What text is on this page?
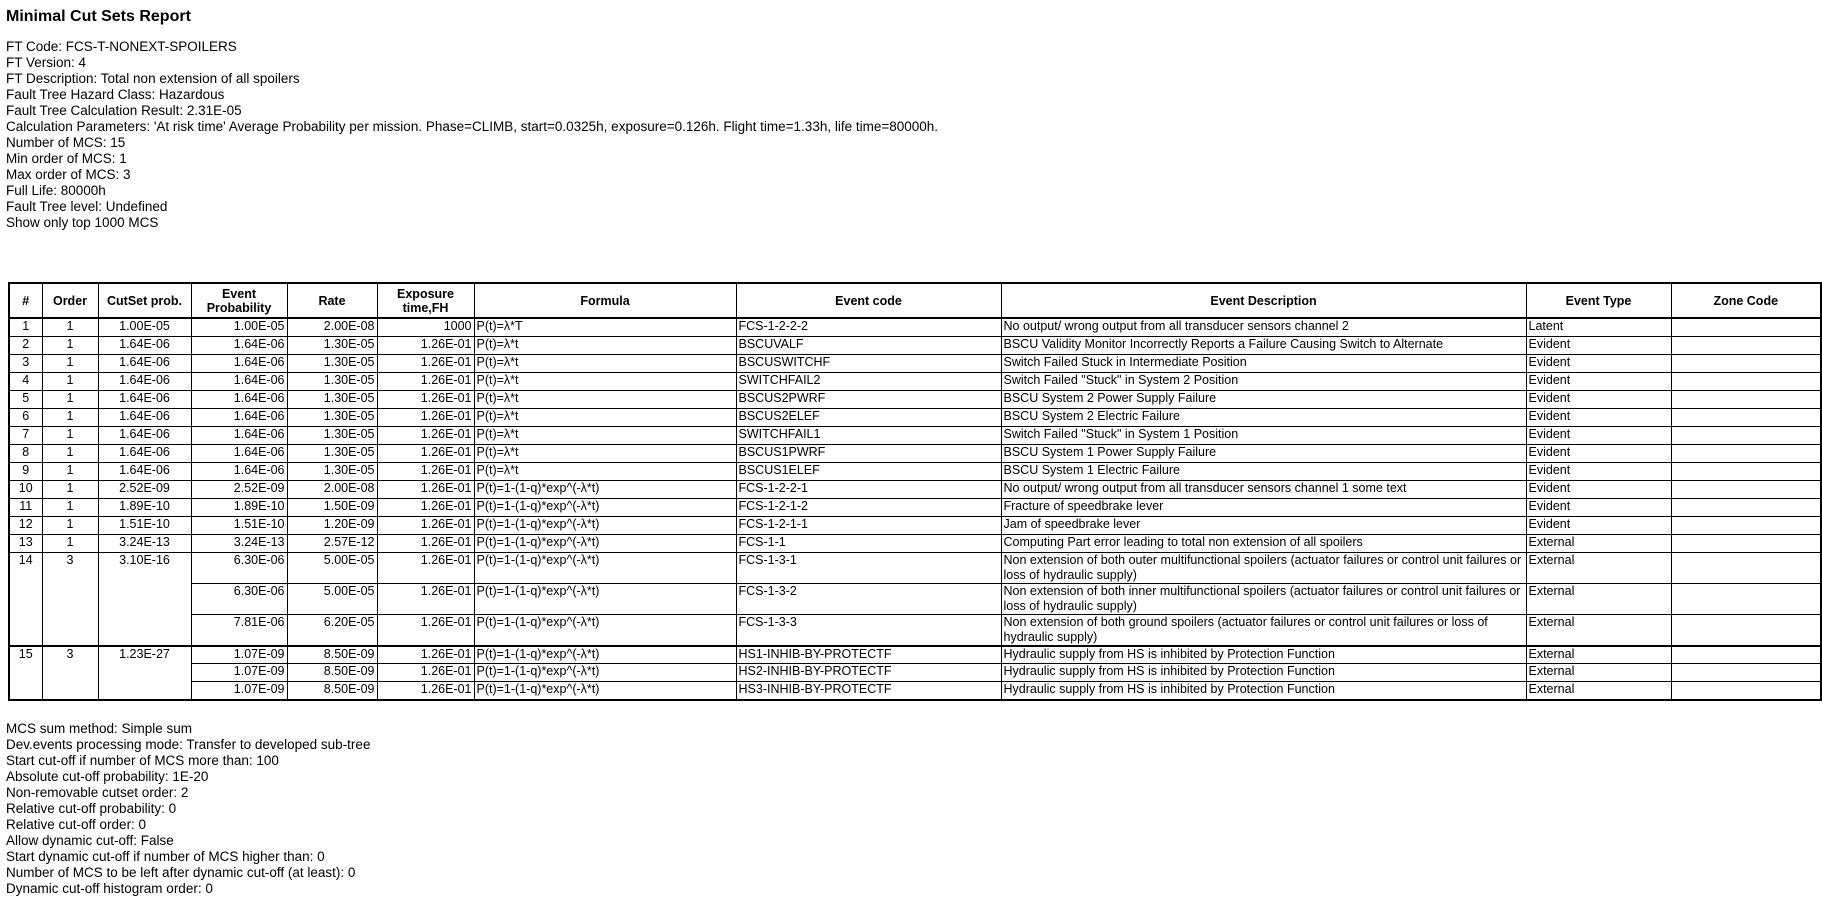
Minimal Cut Sets Report
FT Code: FCS-T-NONEXT-SPOILERS
FT Version: 4
FT Description: Total non extension of all spoilers
Fault Tree Hazard Class: Hazardous
Fault Tree Calculation Result: 2.31E-05
Calculation Parameters: 'At risk time' Average Probability per mission. Phase=CLIMB, start=0.0325h, exposure=0.126h. Flight time=1.33h, life time=80000h.
Number of MCS: 15
Min order of MCS: 1
Max order of MCS: 3
Full Life: 80000h
Fault Tree level: Undefined
Show only top 1000 MCS
#	Order	CutSet prob.	Event Probability	Rate	Exposure time,FH	Formula	Event code	Event Description	Event Type	Zone Code
1	1	1.00E-05	1.00E-05	2.00E-08	1000	P(t)=λ*T	FCS-1-2-2-2	No output/ wrong output from all transducer sensors channel 2	Latent	
2	1	1.64E-06	1.64E-06	1.30E-05	1.26E-01	P(t)=λ*t	BSCUVALF	BSCU Validity Monitor Incorrectly Reports a Failure Causing Switch to Alternate	Evident	
3	1	1.64E-06	1.64E-06	1.30E-05	1.26E-01	P(t)=λ*t	BSCUSWITCHF	Switch Failed Stuck in Intermediate Position	Evident	
4	1	1.64E-06	1.64E-06	1.30E-05	1.26E-01	P(t)=λ*t	SWITCHFAIL2	Switch Failed "Stuck" in System 2 Position	Evident	
5	1	1.64E-06	1.64E-06	1.30E-05	1.26E-01	P(t)=λ*t	BSCUS2PWRF	BSCU System 2 Power Supply Failure	Evident	
6	1	1.64E-06	1.64E-06	1.30E-05	1.26E-01	P(t)=λ*t	BSCUS2ELEF	BSCU System 2 Electric Failure	Evident	
7	1	1.64E-06	1.64E-06	1.30E-05	1.26E-01	P(t)=λ*t	SWITCHFAIL1	Switch Failed "Stuck" in System 1 Position	Evident	
8	1	1.64E-06	1.64E-06	1.30E-05	1.26E-01	P(t)=λ*t	BSCUS1PWRF	BSCU System 1 Power Supply Failure	Evident	
9	1	1.64E-06	1.64E-06	1.30E-05	1.26E-01	P(t)=λ*t	BSCUS1ELEF	BSCU System 1 Electric Failure	Evident	
10	1	2.52E-09	2.52E-09	2.00E-08	1.26E-01	P(t)=1-(1-q)*exp^(-λ*t)	FCS-1-2-2-1	No output/ wrong output from all transducer sensors channel 1 some text	Evident	
11	1	1.89E-10	1.89E-10	1.50E-09	1.26E-01	P(t)=1-(1-q)*exp^(-λ*t)	FCS-1-2-1-2	Fracture of speedbrake lever	Evident	
12	1	1.51E-10	1.51E-10	1.20E-09	1.26E-01	P(t)=1-(1-q)*exp^(-λ*t)	FCS-1-2-1-1	Jam of speedbrake lever	Evident	
13	1	3.24E-13	3.24E-13	2.57E-12	1.26E-01	P(t)=1-(1-q)*exp^(-λ*t)	FCS-1-1	Computing Part error leading to total non extension of all spoilers	External	
14	3	3.10E-16	6.30E-06	5.00E-05	1.26E-01	P(t)=1-(1-q)*exp^(-λ*t)	FCS-1-3-1	Non extension of both outer multifunctional spoilers (actuator failures or control unit failures or loss of hydraulic supply)	External	
			6.30E-06	5.00E-05	1.26E-01	P(t)=1-(1-q)*exp^(-λ*t)	FCS-1-3-2	Non extension of both inner multifunctional spoilers (actuator failures or control unit failures or loss of hydraulic supply)	External	
			7.81E-06	6.20E-05	1.26E-01	P(t)=1-(1-q)*exp^(-λ*t)	FCS-1-3-3	Non extension of both ground spoilers (actuator failures or control unit failures or loss of hydraulic supply)	External	
15	3	1.23E-27	1.07E-09	8.50E-09	1.26E-01	P(t)=1-(1-q)*exp^(-λ*t)	HS1-INHIB-BY-PROTECTF	Hydraulic supply from HS is inhibited by Protection Function	External	
			1.07E-09	8.50E-09	1.26E-01	P(t)=1-(1-q)*exp^(-λ*t)	HS2-INHIB-BY-PROTECTF	Hydraulic supply from HS is inhibited by Protection Function	External	
			1.07E-09	8.50E-09	1.26E-01	P(t)=1-(1-q)*exp^(-λ*t)	HS3-INHIB-BY-PROTECTF	Hydraulic supply from HS is inhibited by Protection Function	External	
MCS sum method: Simple sum
Dev.events processing mode: Transfer to developed sub-tree
Start cut-off if number of MCS more than: 100
Absolute cut-off probability: 1E-20
Non-removable cutset order: 2
Relative cut-off probability: 0
Relative cut-off order: 0
Allow dynamic cut-off: False
Start dynamic cut-off if number of MCS higher than: 0
Number of MCS to be left after dynamic cut-off (at least): 0
Dynamic cut-off histogram order: 0
